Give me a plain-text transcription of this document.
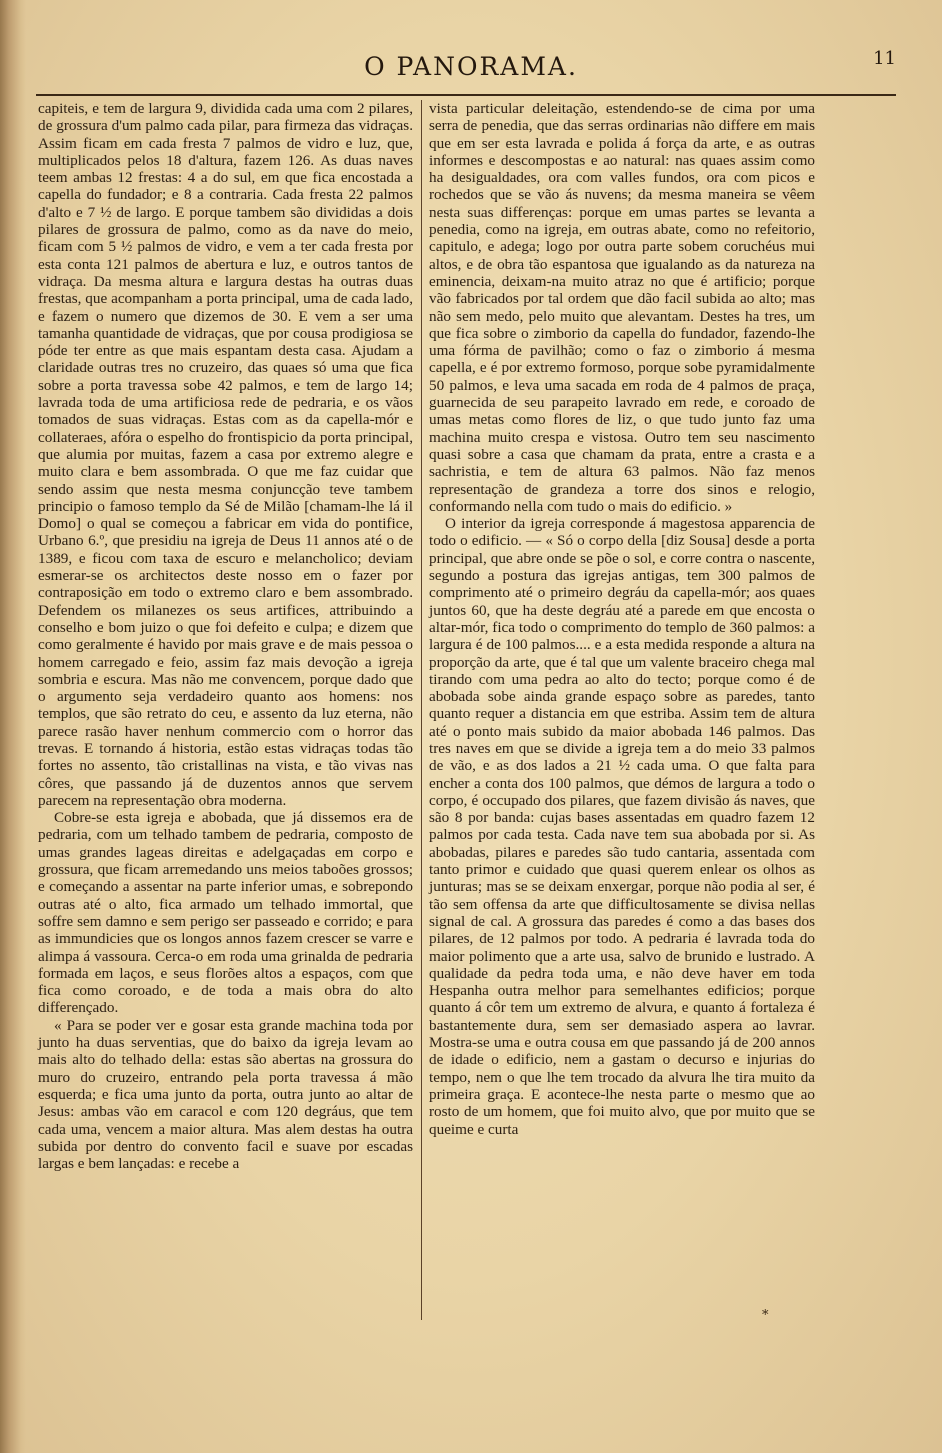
O PANORAMA.	11

capiteis, e tem de largura 9, dividida cada uma com 2 pilares, de grossura d'um palmo cada pilar, para firmeza das vidraças. Assim ficam em cada fresta 7 palmos de vidro e luz, que, multiplicados pelos 18 d'altura, fazem 126. As duas naves teem ambas 12 frestas: 4 a do sul, em que fica encostada a capella do fundador; e 8 a contraria. Cada fresta 22 palmos d'alto e 7 ½ de largo. E porque tambem são divididas a dois pilares de grossura de palmo, como as da nave do meio, ficam com 5 ½ palmos de vidro, e vem a ter cada fresta por esta conta 121 palmos de abertura e luz, e outros tantos de vidraça. Da mesma altura e largura destas ha outras duas frestas, que acompanham a porta principal, uma de cada lado, e fazem o numero que dizemos de 30. E vem a ser uma tamanha quantidade de vidraças, que por cousa prodigiosa se póde ter entre as que mais espantam desta casa. Ajudam a claridade outras tres no cruzeiro, das quaes só uma que fica sobre a porta travessa sobe 42 palmos, e tem de largo 14; lavrada toda de uma artificiosa rede de pedraria, e os vãos tomados de suas vidraças. Estas com as da capella-mór e collateraes, afóra o espelho do frontispicio da porta principal, que alumia por muitas, fazem a casa por extremo alegre e muito clara e bem assombrada. O que me faz cuidar que sendo assim que nesta mesma conjuncção teve tambem principio o famoso templo da Sé de Milão [chamam-lhe lá il Domo] o qual se começou a fabricar em vida do pontifice, Urbano 6.º, que presidiu na igreja de Deus 11 annos até o de 1389, e ficou com taxa de escuro e melancholico; deviam esmerar-se os architectos deste nosso em o fazer por contraposição em todo o extremo claro e bem assombrado. Defendem os milanezes os seus artifices, attribuindo a conselho e bom juizo o que foi defeito e culpa; e dizem que como geralmente é havido por mais grave e de mais pessoa o homem carregado e feio, assim faz mais devoção a igreja sombria e escura. Mas não me convencem, porque dado que o argumento seja verdadeiro quanto aos homens: nos templos, que são retrato do ceu, e assento da luz eterna, não parece rasão haver nenhum commercio com o horror das trevas. E tornando á historia, estão estas vidraças todas tão fortes no assento, tão cristallinas na vista, e tão vivas nas côres, que passando já de duzentos annos que servem parecem na representação obra moderna.

Cobre-se esta igreja e abobada, que já dissemos era de pedraria, com um telhado tambem de pedraria, composto de umas grandes lageas direitas e adelgaçadas em corpo e grossura, que ficam arremedando uns meios taboões grossos; e começando a assentar na parte inferior umas, e sobrepondo outras até o alto, fica armado um telhado immortal, que soffre sem damno e sem perigo ser passeado e corrido; e para as immundicies que os longos annos fazem crescer se varre e alimpa á vassoura. Cerca-o em roda uma grinalda de pedraria formada em laços, e seus florões altos a espaços, com que fica como coroado, e de toda a mais obra do alto differençado.

« Para se poder ver e gosar esta grande machina toda por junto ha duas serventias, que do baixo da igreja levam ao mais alto do telhado della: estas são abertas na grossura do muro do cruzeiro, entrando pela porta travessa á mão esquerda; e fica uma junto da porta, outra junto ao altar de Jesus: ambas vão em caracol e com 120 degráus, que tem cada uma, vencem a maior altura. Mas alem destas ha outra subida por dentro do convento facil e suave por escadas largas e bem lançadas: e recebe a

vista particular deleitação, estendendo-se de cima por uma serra de penedia, que das serras ordinarias não differe em mais que em ser esta lavrada e polida á força da arte, e as outras informes e descompostas e ao natural: nas quaes assim como ha desigualdades, ora com valles fundos, ora com picos e rochedos que se vão ás nuvens; da mesma maneira se vêem nesta suas differenças: porque em umas partes se levanta a penedia, como na igreja, em outras abate, como no refeitorio, capitulo, e adega; logo por outra parte sobem coruchéus mui altos, e de obra tão espantosa que igualando as da natureza na eminencia, deixam-na muito atraz no que é artificio; porque vão fabricados por tal ordem que dão facil subida ao alto; mas não sem medo, pelo muito que alevantam. Destes ha tres, um que fica sobre o zimborio da capella do fundador, fazendo-lhe uma fórma de pavilhão; como o faz o zimborio á mesma capella, e é por extremo formoso, porque sobe pyramidalmente 50 palmos, e leva uma sacada em roda de 4 palmos de praça, guarnecida de seu parapeito lavrado em rede, e coroado de umas metas como flores de liz, o que tudo junto faz uma machina muito crespa e vistosa. Outro tem seu nascimento quasi sobre a casa que chamam da prata, entre a crasta e a sachristia, e tem de altura 63 palmos. Não faz menos representação de grandeza a torre dos sinos e relogio, conformando nella com tudo o mais do edificio. »

O interior da igreja corresponde á magestosa apparencia de todo o edificio. — « Só o corpo della [diz Sousa] desde a porta principal, que abre onde se põe o sol, e corre contra o nascente, segundo a postura das igrejas antigas, tem 300 palmos de comprimento até o primeiro degráu da capella-mór; aos quaes juntos 60, que ha deste degráu até a parede em que encosta o altar-mór, fica todo o comprimento do templo de 360 palmos: a largura é de 100 palmos.... e a esta medida responde a altura na proporção da arte, que é tal que um valente braceiro chega mal tirando com uma pedra ao alto do tecto; porque como é de abobada sobe ainda grande espaço sobre as paredes, tanto quanto requer a distancia em que estriba. Assim tem de altura até o ponto mais subido da maior abobada 146 palmos. Das tres naves em que se divide a igreja tem a do meio 33 palmos de vão, e as dos lados a 21 ½ cada uma. O que falta para encher a conta dos 100 palmos, que démos de largura a todo o corpo, é occupado dos pilares, que fazem divisão ás naves, que são 8 por banda: cujas bases assentadas em quadro fazem 12 palmos por cada testa. Cada nave tem sua abobada por si. As abobadas, pilares e paredes são tudo cantaria, assentada com tanto primor e cuidado que quasi querem enlear os olhos as junturas; mas se se deixam enxergar, porque não podia al ser, é tão sem offensa da arte que difficultosamente se divisa nellas signal de cal. A grossura das paredes é como a das bases dos pilares, de 12 palmos por todo. A pedraria é lavrada toda do maior polimento que a arte usa, salvo de brunido e lustrado. A qualidade da pedra toda uma, e não deve haver em toda Hespanha outra melhor para semelhantes edificios; porque quanto á côr tem um extremo de alvura, e quanto á fortaleza é bastantemente dura, sem ser demasiado aspera ao lavrar. Mostra-se uma e outra cousa em que passando já de 200 annos de idade o edificio, nem a gastam o decurso e injurias do tempo, nem o que lhe tem trocado da alvura lhe tira muito da primeira graça. E acontece-lhe nesta parte o mesmo que ao rosto de um homem, que foi muito alvo, que por muito que se queime e curta

*
